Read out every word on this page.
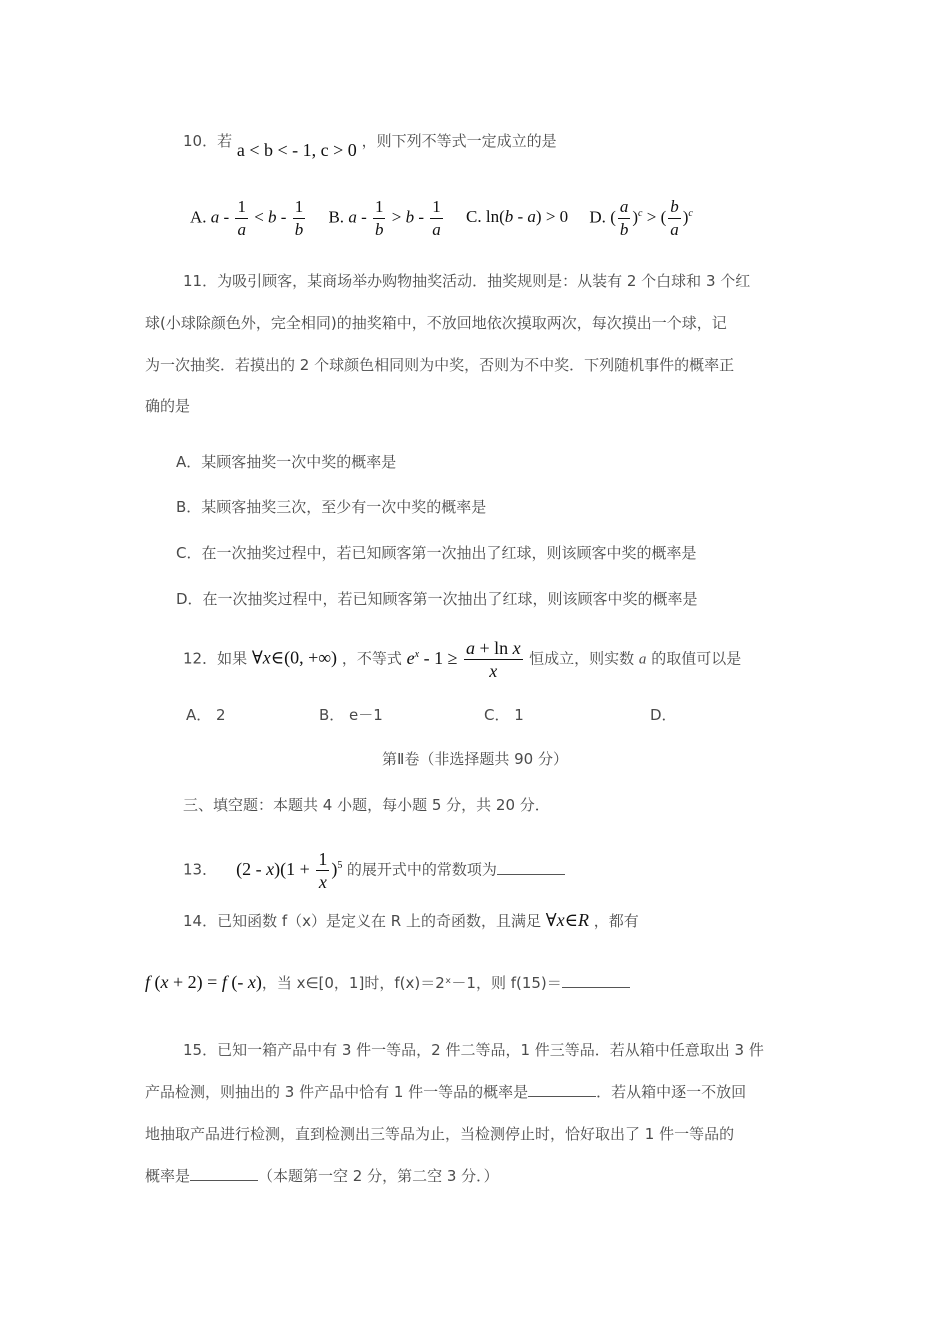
10．若 a < b < - 1, c > 0 ，则下列不等式一定成立的是
A. $a - \frac{1}{a} < b - \frac{1}{b} B$. $a - \frac{1}{b} > b - \frac{1}{a} C$. ln(b - a) > 0     D. ( $\frac{a}{b} )^c$ > ( $\frac{b}{a} )^c$
11．为吸引顾客，某商场举办购物抽奖活动．抽奖规则是：从装有 2 个白球和 3 个红
球(小球除颜色外，完全相同)的抽奖箱中，不放回地依次摸取两次，每次摸出一个球，记
为一次抽奖．若摸出的 2 个球颜色相同则为中奖，否则为不中奖．下列随机事件的概率正
确的是
A．某顾客抽奖一次中奖的概率是
B．某顾客抽奖三次，至少有一次中奖的概率是
C．在一次抽奖过程中，若已知顾客第一次抽出了红球，则该顾客中奖的概率是
D．在一次抽奖过程中，若已知顾客第一次抽出了红球，则该顾客中奖的概率是
12．如果 ∀x∈(0, +∞) ，不等式 $e^x - 1 \ge \frac{\text{a + ln x}}{x}$ 恒成立，则实数 a 的取值可以是
A． 2	B． e－1	C． 1	D．
第Ⅱ卷（非选择题共 90 分）
三、填空题：本题共 4 小题，每小题 5 分，共 20 分．
13．    $(2 - x)(1 + \frac{1}{x} )^5$ 的展开式中的常数项为
14．已知函数 f（x）是定义在 R 上的奇函数，且满足 ∀x∈R ，都有
f (x + 2) = f (- x)，当 x∈[0，1]时，f(x)＝2ˣ－1，则 f(15)＝
15．已知一箱产品中有 3 件一等品，2 件二等品，1 件三等品．若从箱中任意取出 3 件
产品检测，则抽出的 3 件产品中恰有 1 件一等品的概率是	．若从箱中逐一不放回
地抽取产品进行检测，直到检测出三等品为止，当检测停止时，恰好取出了 1 件一等品的
概率是	（本题第一空 2 分，第二空 3 分．）
